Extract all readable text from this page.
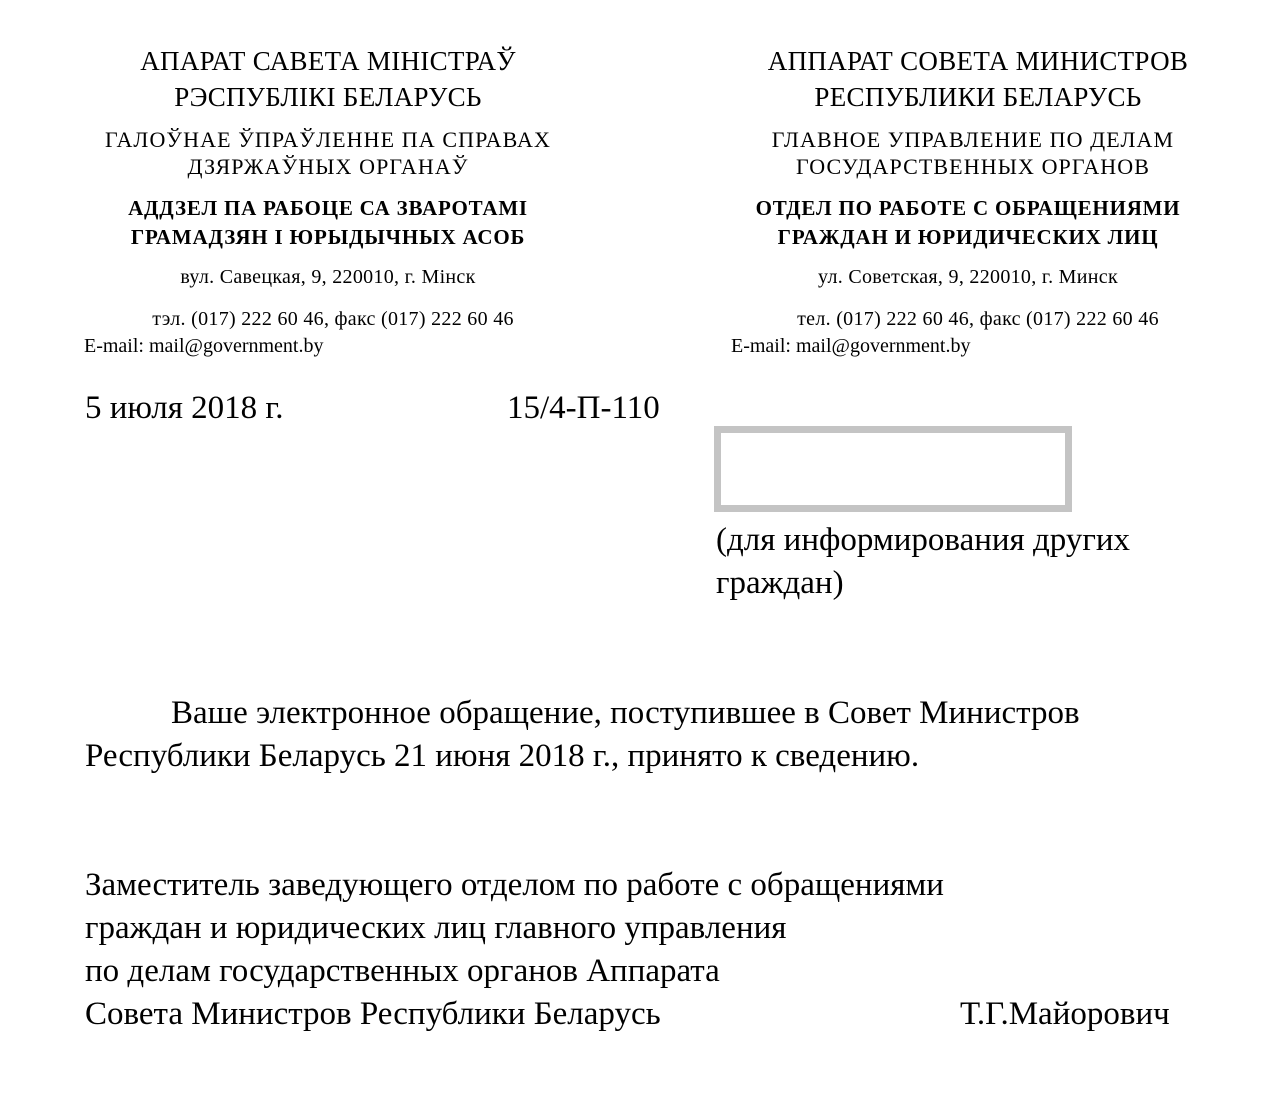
АПАРАТ САВЕТА МІНІСТРАЎ
РЭСПУБЛІКІ БЕЛАРУСЬ
ГАЛОЎНАЕ ЎПРАЎЛЕННЕ ПА СПРАВАХ
ДЗЯРЖАЎНЫХ ОРГАНАЎ
АДДЗЕЛ ПА РАБОЦЕ СА ЗВАРОТАМІ
ГРАМАДЗЯН І ЮРЫДЫЧНЫХ АСОБ
вул. Савецкая, 9, 220010, г. Мінск
тэл. (017) 222 60 46, факс (017) 222 60 46
E-mail: mail@government.by
АППАРАТ СОВЕТА МИНИСТРОВ
РЕСПУБЛИКИ БЕЛАРУСЬ
ГЛАВНОЕ УПРАВЛЕНИЕ ПО ДЕЛАМ
ГОСУДАРСТВЕННЫХ ОРГАНОВ
ОТДЕЛ ПО РАБОТЕ С ОБРАЩЕНИЯМИ
ГРАЖДАН И ЮРИДИЧЕСКИХ ЛИЦ
ул. Советская, 9, 220010, г. Минск
тел. (017) 222 60 46, факс (017) 222 60 46
E-mail: mail@government.by
5 июля 2018 г.	15/4-П-110
(для информирования других
граждан)
Ваше электронное обращение, поступившее в Совет Министров
Республики Беларусь 21 июня 2018 г., принято к сведению.
Заместитель заведующего отделом по работе с обращениями
граждан и юридических лиц главного управления
по делам государственных органов Аппарата
Совета Министров Республики Беларусь	Т.Г.Майорович
